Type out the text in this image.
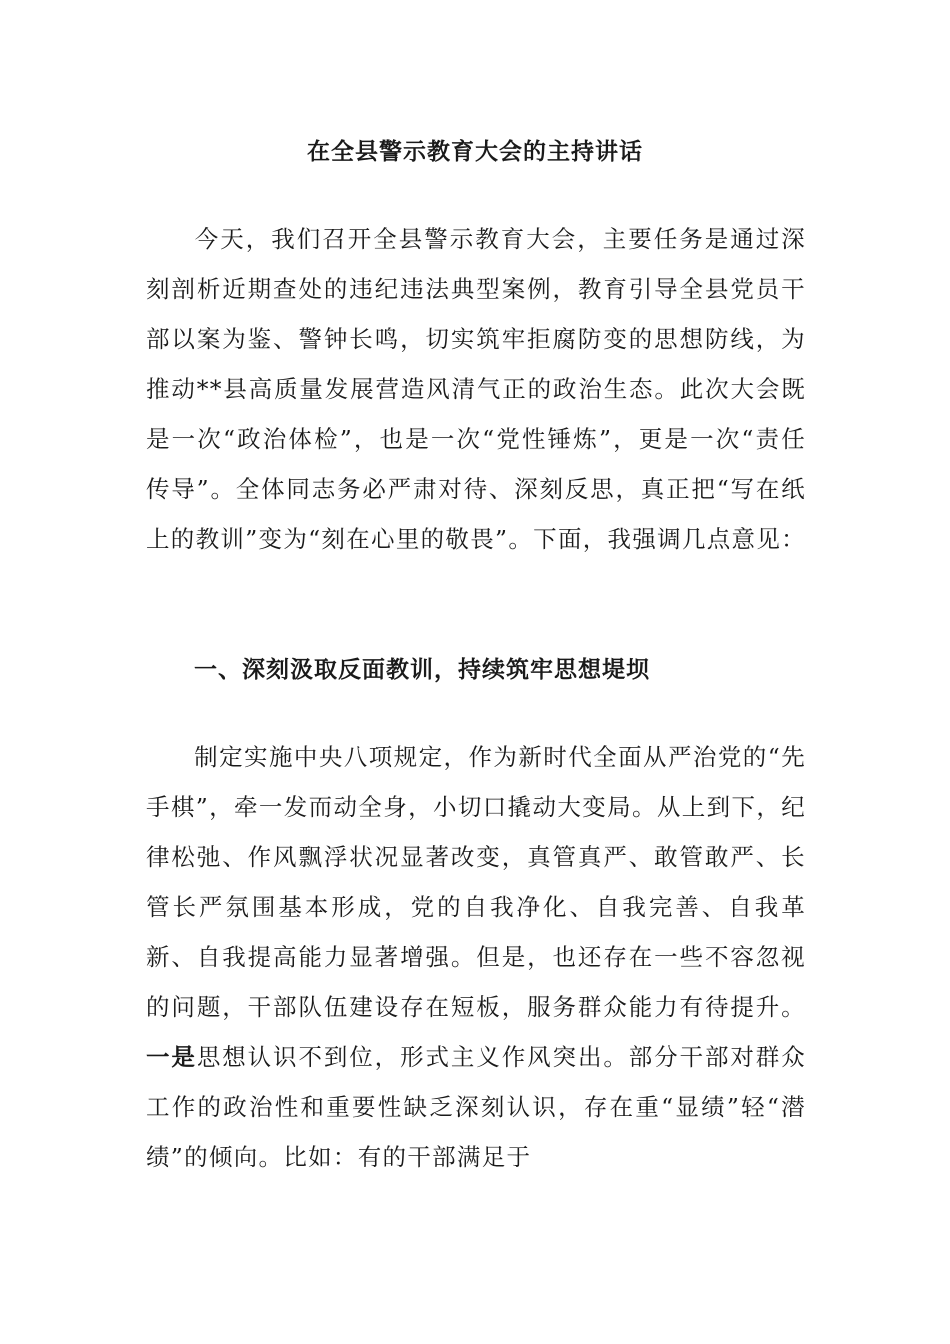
在全县警示教育大会的主持讲话

今天，我们召开全县警示教育大会，主要任务是通过深刻剖析近期查处的违纪违法典型案例，教育引导全县党员干部以案为鉴、警钟长鸣，切实筑牢拒腐防变的思想防线，为推动**县高质量发展营造风清气正的政治生态。此次大会既是一次“政治体检”，也是一次“党性锤炼”，更是一次“责任传导”。全体同志务必严肃对待、深刻反思，真正把“写在纸上的教训”变为“刻在心里的敬畏”。下面，我强调几点意见：

一、深刻汲取反面教训，持续筑牢思想堤坝

制定实施中央八项规定，作为新时代全面从严治党的“先手棋”，牵一发而动全身，小切口撬动大变局。从上到下，纪律松弛、作风飘浮状况显著改变，真管真严、敢管敢严、长管长严氛围基本形成，党的自我净化、自我完善、自我革新、自我提高能力显著增强。但是，也还存在一些不容忽视的问题，干部队伍建设存在短板，服务群众能力有待提升。一是思想认识不到位，形式主义作风突出。部分干部对群众工作的政治性和重要性缺乏深刻认识，存在重“显绩”轻“潜绩”的倾向。比如：有的干部满足于
